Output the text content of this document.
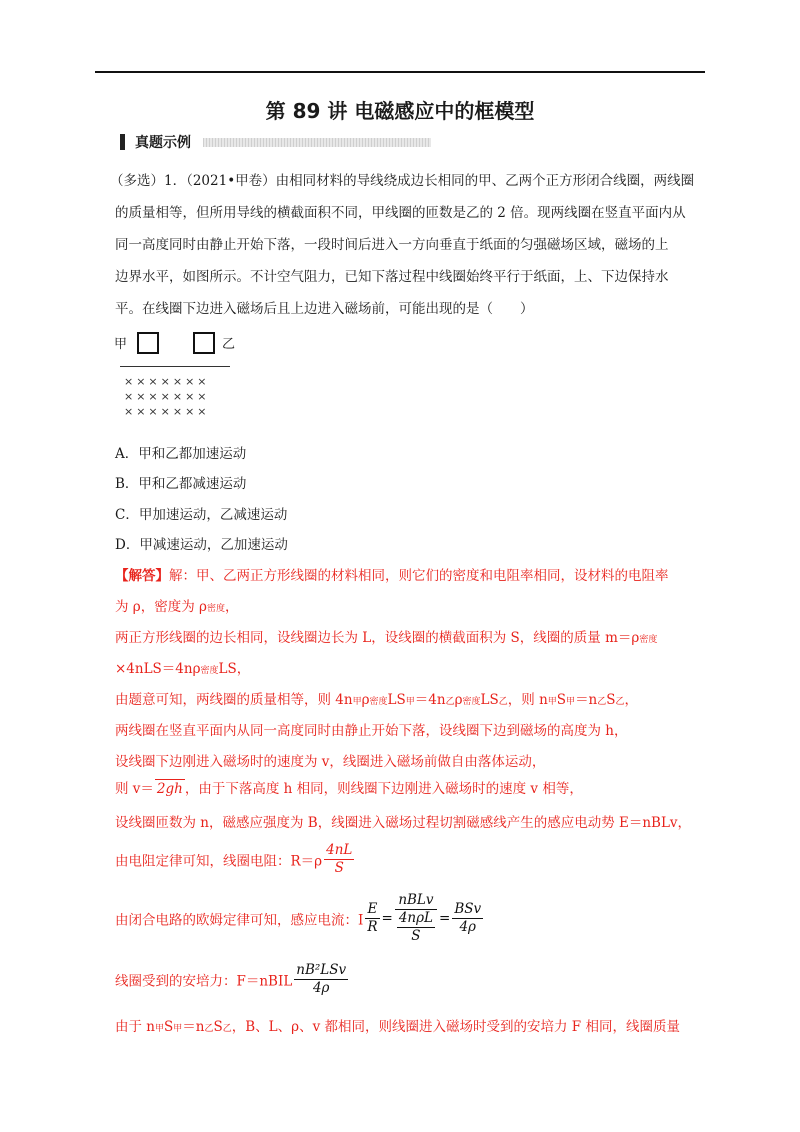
第 89 讲 电磁感应中的框模型
真题示例
（多选）1．（2021•甲卷）由相同材料的导线绕成边长相同的甲、乙两个正方形闭合线圈，两线圈
的质量相等，但所用导线的横截面积不同，甲线圈的匝数是乙的 2 倍。现两线圈在竖直平面内从
同一高度同时由静止开始下落，一段时间后进入一方向垂直于纸面的匀强磁场区域，磁场的上
边界水平，如图所示。不计空气阻力，已知下落过程中线圈始终平行于纸面，上、下边保持水
平。在线圈下边进入磁场后且上边进入磁场前，可能出现的是（　　）
甲	乙
×××××××
×××××××
×××××××
A．甲和乙都加速运动
B．甲和乙都减速运动
C．甲加速运动，乙减速运动
D．甲减速运动，乙加速运动
【解答】解：甲、乙两正方形线圈的材料相同，则它们的密度和电阻率相同，设材料的电阻率
为 ρ，密度为 ρ密度，
两正方形线圈的边长相同，设线圈边长为 L，设线圈的横截面积为 S，线圈的质量 m＝ρ密度
×4nLS＝4nρ密度LS，
由题意可知，两线圈的质量相等，则 4n甲ρ密度LS甲＝4n乙ρ密度LS乙，则 n甲S甲＝n乙S乙，
两线圈在竖直平面内从同一高度同时由静止开始下落，设线圈下边到磁场的高度为 h，
设线圈下边刚进入磁场时的速度为 v，线圈进入磁场前做自由落体运动，
则 v＝ 2gh ，由于下落高度 h 相同，则线圈下边刚进入磁场时的速度 v 相等，
设线圈匝数为 n，磁感应强度为 B，线圈进入磁场过程切割磁感线产生的感应电动势 E＝nBLv，
由电阻定律可知，线圈电阻：$R=\rho \frac{4nL}{S}$
由闭合电路的欧姆定律可知，感应电流：I $\frac{E}{R} = \frac{\text{nBLv}}{\frac{\text{4nρL}}{S}} = \frac{\text{BSv}}{4\rho}$
线圈受到的安培力：F＝nBIL $\frac{\text{nB²LSv}}{4\rho}$
由于 n甲S甲＝n乙S乙，B、L、ρ、v 都相同，则线圈进入磁场时受到的安培力 F 相同，线圈质量
